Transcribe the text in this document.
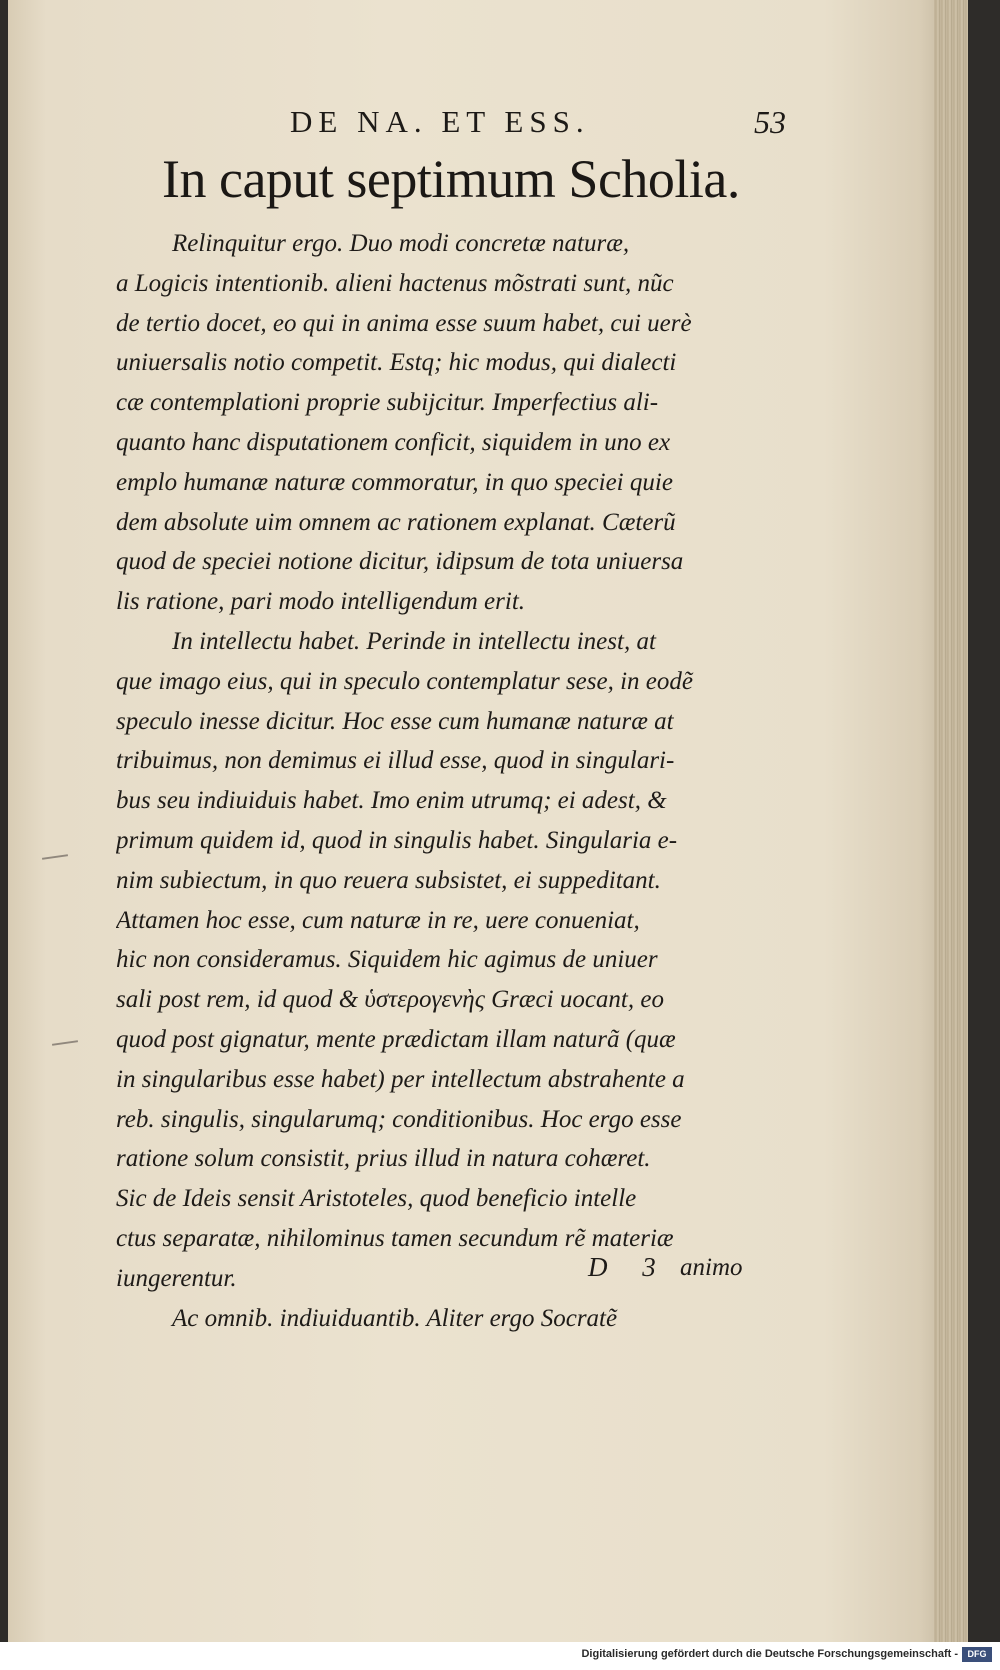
DE NA. ET ESS.	53
In caput septimum Scholia.
Relinquitur ergo. Duo modi concretæ naturæ,
a Logicis intentionib. alieni hactenus mõstrati sunt, nũc
de tertio docet, eo qui in anima esse suum habet, cui uerè
uniuersalis notio competit. Estq; hic modus, qui dialecti
cæ contemplationi proprie subijcitur. Imperfectius ali-
quanto hanc disputationem conficit, siquidem in uno ex
emplo humanæ naturæ commoratur, in quo speciei quie
dem absolute uim omnem ac rationem explanat. Cæterũ
quod de speciei notione dicitur, idipsum de tota uniuersa
lis ratione, pari modo intelligendum erit.
In intellectu habet. Perinde in intellectu inest, at
que imago eius, qui in speculo contemplatur sese, in eodẽ
speculo inesse dicitur. Hoc esse cum humanæ naturæ at
tribuimus, non demimus ei illud esse, quod in singulari-
bus seu indiuiduis habet. Imo enim utrumq; ei adest, &
primum quidem id, quod in singulis habet. Singularia e-
nim subiectum, in quo reuera subsistet, ei suppeditant.
Attamen hoc esse, cum naturæ in re, uere conueniat,
hic non consideramus. Siquidem hic agimus de uniuer
sali post rem, id quod & ὑστερογενὴς Græci uocant, eo
quod post gignatur, mente prædictam illam naturã (quæ
in singularibus esse habet) per intellectum abstrahente a
reb. singulis, singularumq; conditionibus. Hoc ergo esse
ratione solum consistit, prius illud in natura cohæret.
Sic de Ideis sensit Aristoteles, quod beneficio intelle
ctus separatæ, nihilominus tamen secundum rẽ materiæ
iungerentur.
Ac omnib. indiuiduantib. Aliter ergo Socratẽ
D 3 animo
Digitalisierung gefördert durch die Deutsche Forschungsgemeinschaft -	DFG
